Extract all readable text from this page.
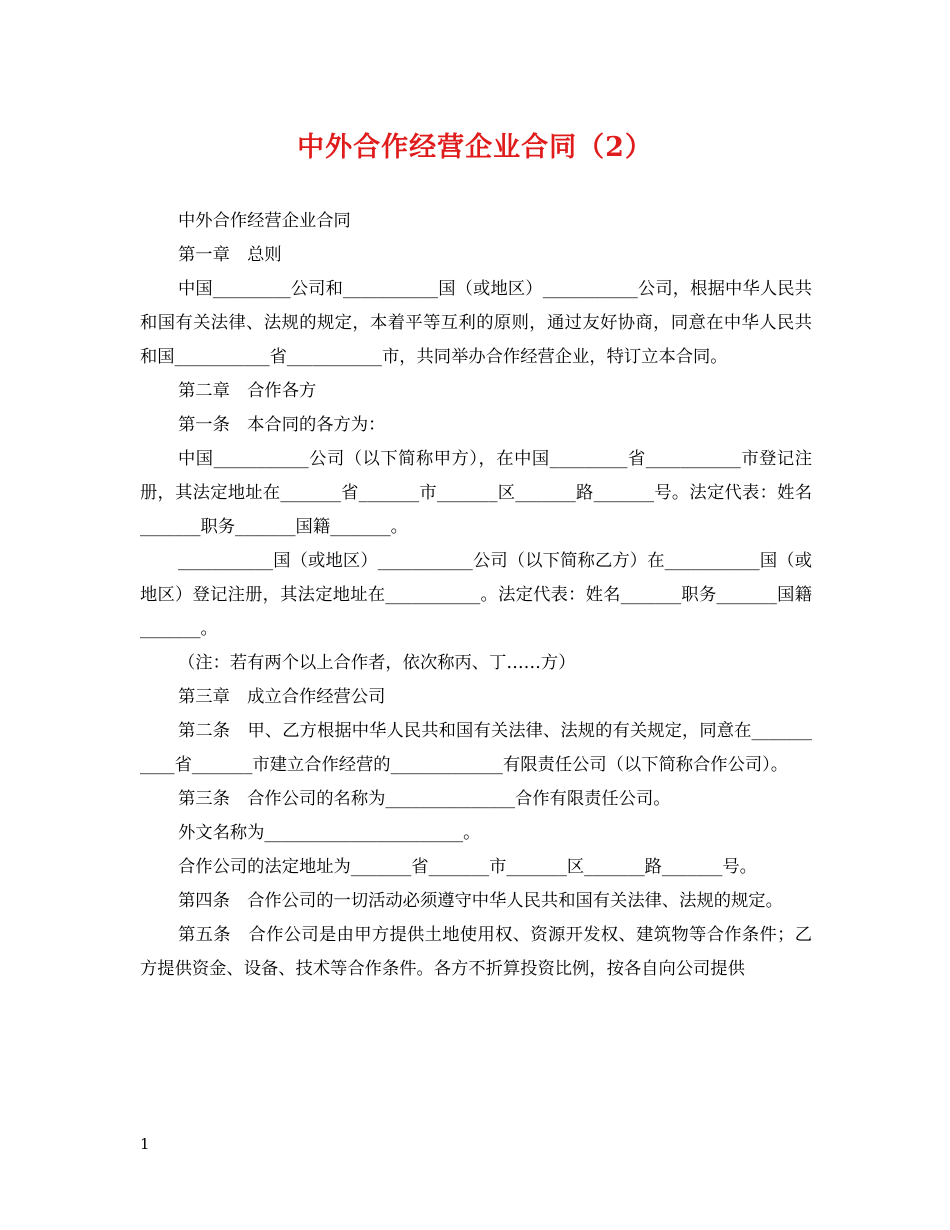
中外合作经营企业合同（2）

中外合作经营企业合同

第一章　总则

中国_________公司和___________国（或地区）___________公司，根据中华人民共和国有关法律、法规的规定，本着平等互利的原则，通过友好协商，同意在中华人民共和国___________省___________市，共同举办合作经营企业，特订立本合同。

第二章　合作各方

第一条　本合同的各方为：

中国___________公司（以下简称甲方），在中国_________省___________市登记注册，其法定地址在_______省_______市_______区_______路_______号。法定代表：姓名_______职务_______国籍_______。

___________国（或地区）___________公司（以下简称乙方）在___________国（或地区）登记注册，其法定地址在___________。法定代表：姓名_______职务_______国籍_______。

（注：若有两个以上合作者，依次称丙、丁……方）

第三章　成立合作经营公司

第二条　甲、乙方根据中华人民共和国有关法律、法规的有关规定，同意在___________省_______市建立合作经营的_____________有限责任公司（以下简称合作公司）。

第三条　合作公司的名称为_______________合作有限责任公司。

外文名称为_______________________。

合作公司的法定地址为_______省_______市_______区_______路_______号。

第四条　合作公司的一切活动必须遵守中华人民共和国有关法律、法规的规定。

第五条　合作公司是由甲方提供土地使用权、资源开发权、建筑物等合作条件；乙方提供资金、设备、技术等合作条件。各方不折算投资比例，按各自向公司提供

1
